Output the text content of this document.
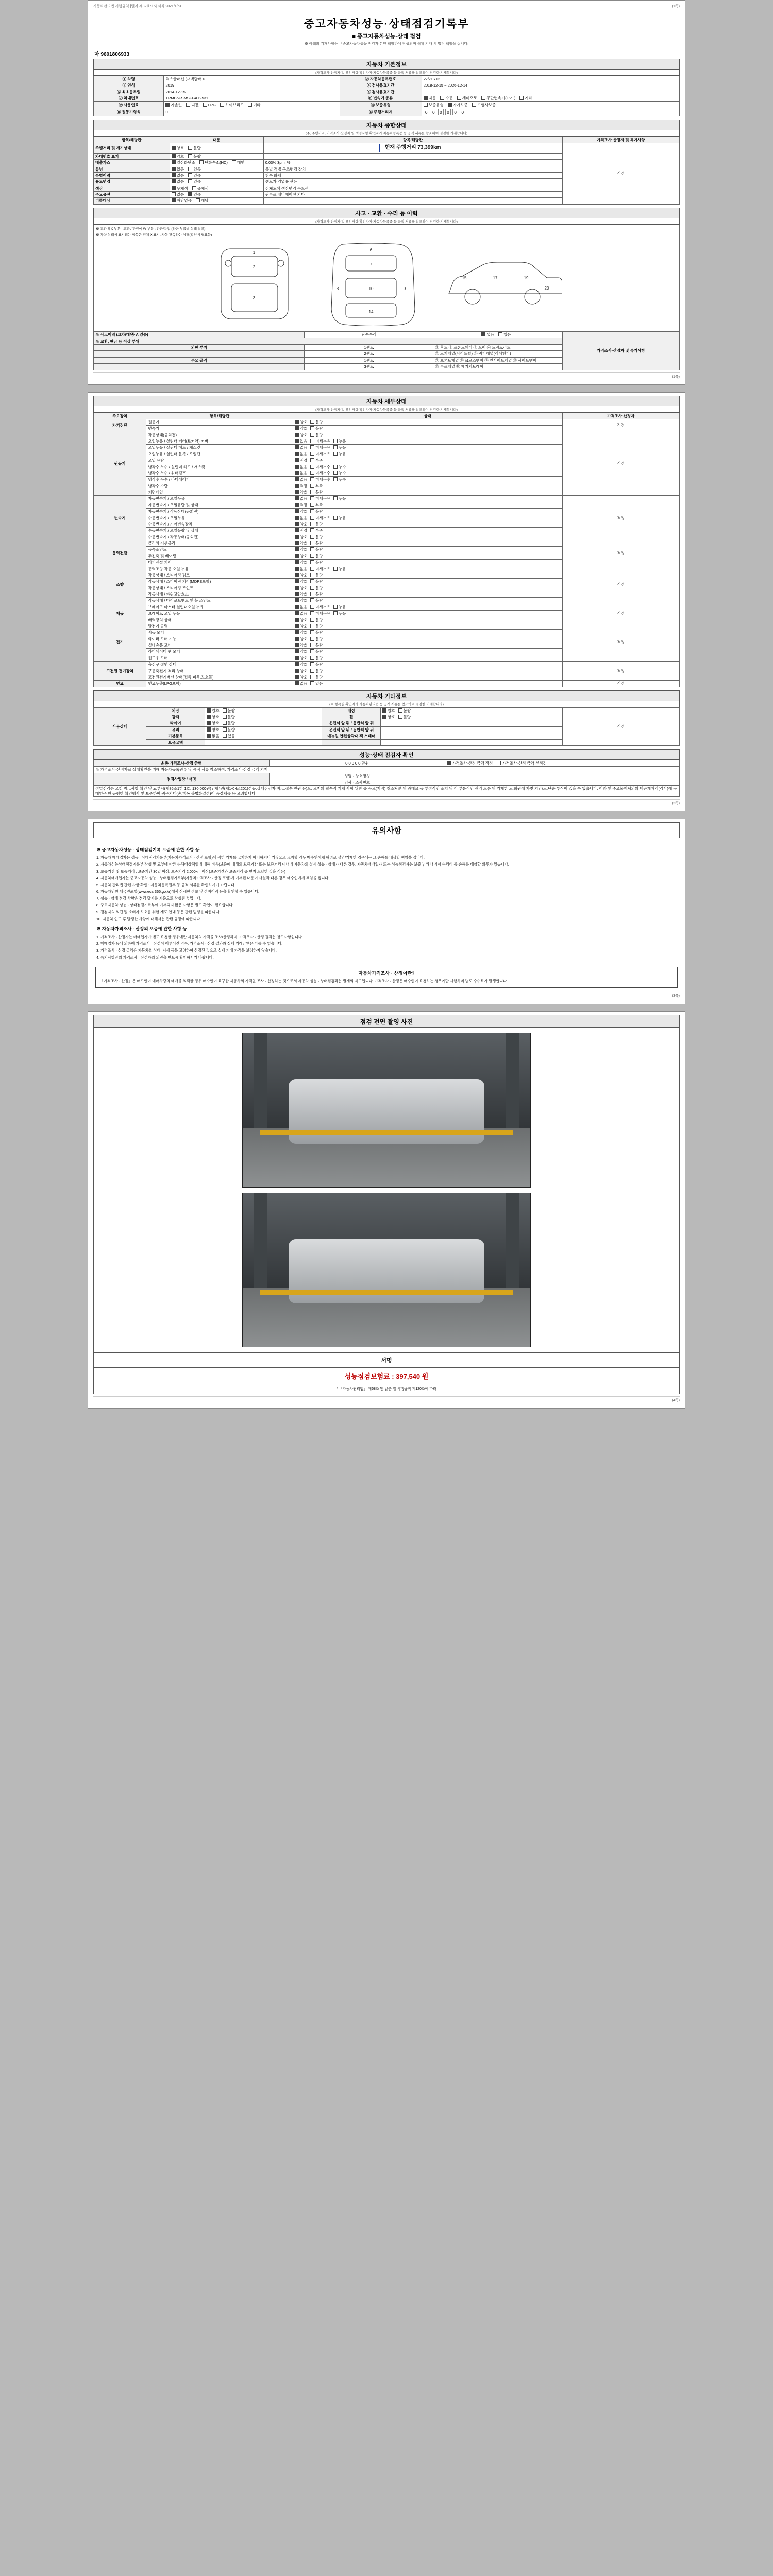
자동차관리법 시행규칙 [별지 제82호의5] 서식 2021/1/5>	(1쪽)
중고자동차성능·상태점검기록부
■ 중고자동차성능·상태 점검
※ 아래의 기재사항은 「중고자동차성능 점검자 본인 책임하에 작성되며 허위 기재 시 법적 책임을 집니다.
차 9601806933
자동차 기본정보
(가격조사·산정자 및 책임사항 확인자가 자동차등록증 등 공적 서류를 참조하여 점검한 기재합니다)
① 차명	딕스클래신 (새벽담배 >	② 자동차등록번호	27노0712
③ 연식	2019	④ 검사유효기간	2018-12-15 ~ 2026-12-14
⑤ 최초등록일	2014-12-15	⑥ 검사유효기간	
⑦ 차대번호	TRMB5FSMSFGA72531	⑧ 변속기 종류	자동 수동 세미오토 무단변속기(CVT) 기타
⑨ 사용연료	가솔린 디젤 LPG 하이브리드 기타	⑩ 보증유형	보증유형 자가보증 보험사보증
⑪ 원동기형식	0	⑫ 주행거리계	0 0 0 0 0 0
자동차 종합상태
(주, 주행거리, 가격조사·산정자 및 책임사항 확인자가 자동차등록증 등 공적 서류를 참조하여 점검한 기재합니다)
항목/해당칸	내용	항목/해당칸	가격조사·산정자 및 특기사항
주행거리 및 계기상태	양호 불량	현재 주행거리 73,399km	적정
차대번호 표기	양호 불량		
배출가스	일산화탄소 탄화수소(HC) 매연	0.03% 3pm. %	
튜닝	없음 있음	불법 적법 구조변경 장치	
특별이력	없음 있음	침수 화재	
용도변경	없음 있음	렌트카 영업용 관용	
색상	무채색 유채색	전체도색 색상변경 무도색	
주요옵션	없음 있음	썬루프 내비게이션 기타	
리콜대상	해당없음 해당		
사고 · 교환 · 수리 등 이력
(가격조사·산정자 및 책임사항 확인자가 자동차등록증 등 공적 서류를 참조하여 점검한 기재합니다)
※ 교환에 X 부분 : 교환 / 판금에 W 부분 : 판금/용접 (하단 부품별 상태 참조)
※ 차량 상태에 표시되는 항목은 전체 X 표시, 자동 판독하는 상태(확인에 필요함)
1
2
3
6
7
10
14
8	9
15	17	19
20
※ 사고이력 (교차/대/중 A 있음)	단순수리	없음 있음	가격조사·산정자 및 특기사항
※ 교환, 판금 등 이상 부위			
외판 부위	1랭크	① 후드 ② 프론트휀더 ③ 도어 ④ 트렁크리드	
	2랭크	⑤ 로커패널(사이드씰) ⑥ 쿼터패널(리어휀더)	
주요 골격	1랭크	⑦ 프론트패널 ⑧ 크로스멤버 ⑨ 인사이드패널 ⑩ 사이드멤버	
	3랭크	⑮ 루프패널 ⑯ 패키지트레이	
(1쪽)
자동차 세부상태
(가격조사·산정자 및 책임사항 확인자가 자동차등록증 등 공적 서류를 참조하여 점검한 기재합니다)
주요장치	항목/해당칸	상태	가격조사·산정자
자기진단	원동기	양호 불량	적정
	변속기	양호 불량	
원동기	작동상태(공회전)	양호 불량	적정
	오일누유 / 실린더 커버(로커암) 커버	없음 미세누유 누유	
	오일누유 / 실린더 헤드 / 개스킷	없음 미세누유 누유	
	오일누유 / 실린더 블록 / 오일팬	없음 미세누유 누유	
	오일 유량	적정 부족	
	냉각수 누수 / 실린더 헤드 / 개스킷	없음 미세누수 누수	
	냉각수 누수 / 워터펌프	없음 미세누수 누수	
	냉각수 누수 / 라디에이터	없음 미세누수 누수	
	냉각수 수량	적정 부족	
	커먼레일	양호 불량	
변속기	자동변속기 / 오일누유	없음 미세누유 누유	적정
	자동변속기 / 오일유량 및 상태	적정 부족	
	자동변속기 / 작동상태(공회전)	양호 불량	
	수동변속기 / 오일누유	없음 미세누유 누유	
	수동변속기 / 기어변속장치	양호 불량	
	수동변속기 / 오일유량 및 상태	적정 부족	
	수동변속기 / 작동상태(공회전)	양호 불량	
동력전달	클러치 어셈블리	양호 불량	적정
	등속조인트	양호 불량	
	추진축 및 베어링	양호 불량	
	디퍼렌셜 기어	양호 불량	
조향	동력조향 작동 오일 누유	없음 미세누유 누유	적정
	작동상태 / 스티어링 펌프	양호 불량	
	작동상태 / 스티어링 기어(MDPS포함)	양호 불량	
	작동상태 / 스티어링 조인트	양호 불량	
	작동상태 / 파워고압호스	양호 불량	
	작동상태 / 타이로드엔드 및 볼 조인트	양호 불량	
제동	브레이크 마스터 실린더오일 누유	없음 미세누유 누유	적정
	브레이크 오일 누유	없음 미세누유 누유	
	배력장치 상태	양호 불량	
전기	발전기 출력	양호 불량	적정
	시동 모터	양호 불량	
	와이퍼 모터 기능	양호 불량	
	실내송풍 모터	양호 불량	
	라디에이터 팬 모터	양호 불량	
	윈도우 모터	양호 불량	
고전원 전기장치	충전구 절연 상태	양호 불량	적정
	구동축전지 격리 상태	양호 불량	
	고전원전기배선 상태(접촉,피복,보호물)	양호 불량	
연료	연료누출(LPG포함)	없음 있음	적정
자동차 기타정보
(※ 항목별 확인자가 자동차관리법 등 공적 서류를 참조하여 점검한 기재합니다)
사용상태	외장	양호 불량	내장	양호 불량	적정
	광택	양호 불량	휠	양호 불량	
	타이어	양호 불량	운전석 앞 뒤 / 동반석 앞 뒤		
	유리	양호 불량	운전석 앞 뒤 / 동반석 앞 뒤		
	기본품목	없음 있음	매뉴얼 안전삼각대 잭 스패너		
	보유고액				
성능·상태 점검자 확인
최종 가격조사·산정 금액	0 0 0 0 0 만원	가격조사·산정 금액 적정 가격조사·산정 금액 부적정
※ 가격조사·산정자료 상태확인을 위해 자동차등록원부 및 공적 서류 참조하여, 가격조사·산정 금액 기재		
점검사업장 / 서명	성명 · 상호명칭	
	검사 · 조사번호	
정밀점검은 요청 참고사항 확인 및 교부시(제86조1항 1호, 130,000원) / 제4권(제1-04조201(성능,상태점검자 비고,접수 민원 등)도, 고지의 필수적 기재 사항 위반 중 공고(지정) 취소처분 및 과태료 등 부정적인 조치 및 이 부분적인 권리 도움 및 기재한 노,회원에 자칫 기간/노,단순 부식이 있을 수 있습니다. 이와 및 주요물제체의의 비공개처리(감사)에 구매인은 원 공평한 확인행사 및 보증하여 귀무기대(손,행복 불법화결정)이 공정제공 등 고려합니다.		
(2쪽)
유의사항
※ 중고자동차성능 · 상태점검기록 보증에 관한 사항 등
1. 자동차 매매업자는 성능 · 상태점검기록부(자동차가격조사 · 산정 포함)에 적혀 기재를 고지하지 아니하거나 거짓으로 고지할 경우 매수인에게 허위로 설명/기재한 경우에는 그 손해를 배상할 책임을 집니다.
2. 자동차성능상태점검기록부 작성 및 교부에 따른 손해배상책임에 대해 비용(보증에 대해의 보증기간 또는 보증거리 이내에 자동차의 실제 성능 · 상태가 다른 경우, 자동차매매업자 또는 성능점검자는 보증 범위 내에서 수리비 등 손해를 배상할 의무가 있습니다.
3. 보증기간 및 보증거리 : 보증기간 30일 이상, 보증거리 2,000km 이상(보증기간과 보증거리 중 먼저 도달한 것을 적용)
4. 자동차매매업자는 중고자동차 성능 · 상태점검기록부(자동차가격조사 · 산정 포함)에 기재된 내용이 사실과 다른 경우 매수인에게 책임을 집니다.
5. 자동차 관리법 관련 사항 확인 : 자동차등록원부 등 공적 서류를 확인하시기 바랍니다.
6. 자동차민원 대국민포털(www.ecar365.go.kr)에서 상세한 정보 및 정비이력 등을 확인할 수 있습니다.
7. 성능 · 상태 점검 사항은 점검 당시를 기준으로 작성된 것입니다.
8. 중고자동차 성능 · 상태점검기록부에 기재되지 않은 사항은 별도 확인이 필요합니다.
9. 점검자의 의견 및 소비자 보호를 위한 제도 안내 등은 관련 법령을 따릅니다.
10. 자동차 인도 후 발생한 사항에 대해서는 관련 규정에 따릅니다.
※ 자동차가격조사 · 산정의 보증에 관한 사항 등
1. 가격조사 · 산정자는 매매업자가 별도 요청한 경우에만 자동차의 가격을 조사/산정하며, 가격조사 · 산정 결과는 참고사항입니다.
2. 매매업자 등에 의하여 가격조사 · 산정이 이루어진 경우, 가격조사 · 산정 결과와 실제 거래금액은 다를 수 있습니다.
3. 가격조사 · 산정 금액은 자동차의 상태, 시세 등을 고려하여 산정된 것으로 실제 거래 가격을 보장하지 않습니다.
4. 특기사항란의 가격조사 · 산정자의 의견을 반드시 확인하시기 바랍니다.
자동차가격조사 · 산정이란?
「가격조사 · 산정」은 매도인이 매매차량의 매매를 의뢰한 경우 매수인이 요구한 자동차의 가격을 조사 · 산정하는 것으로서 자동차 성능 · 상태점검과는 별개의 제도입니다. 가격조사 · 산정은 매수인이 요청하는 경우에만 시행하며 별도 수수료가 발생합니다.
(3쪽)
점검 전면 촬영 사진
서명
성능점검보험료 : 397,540 원
* 「자동차관리법」 제58조 및 같은 법 시행규칙 제120조에 따라
(4쪽)
